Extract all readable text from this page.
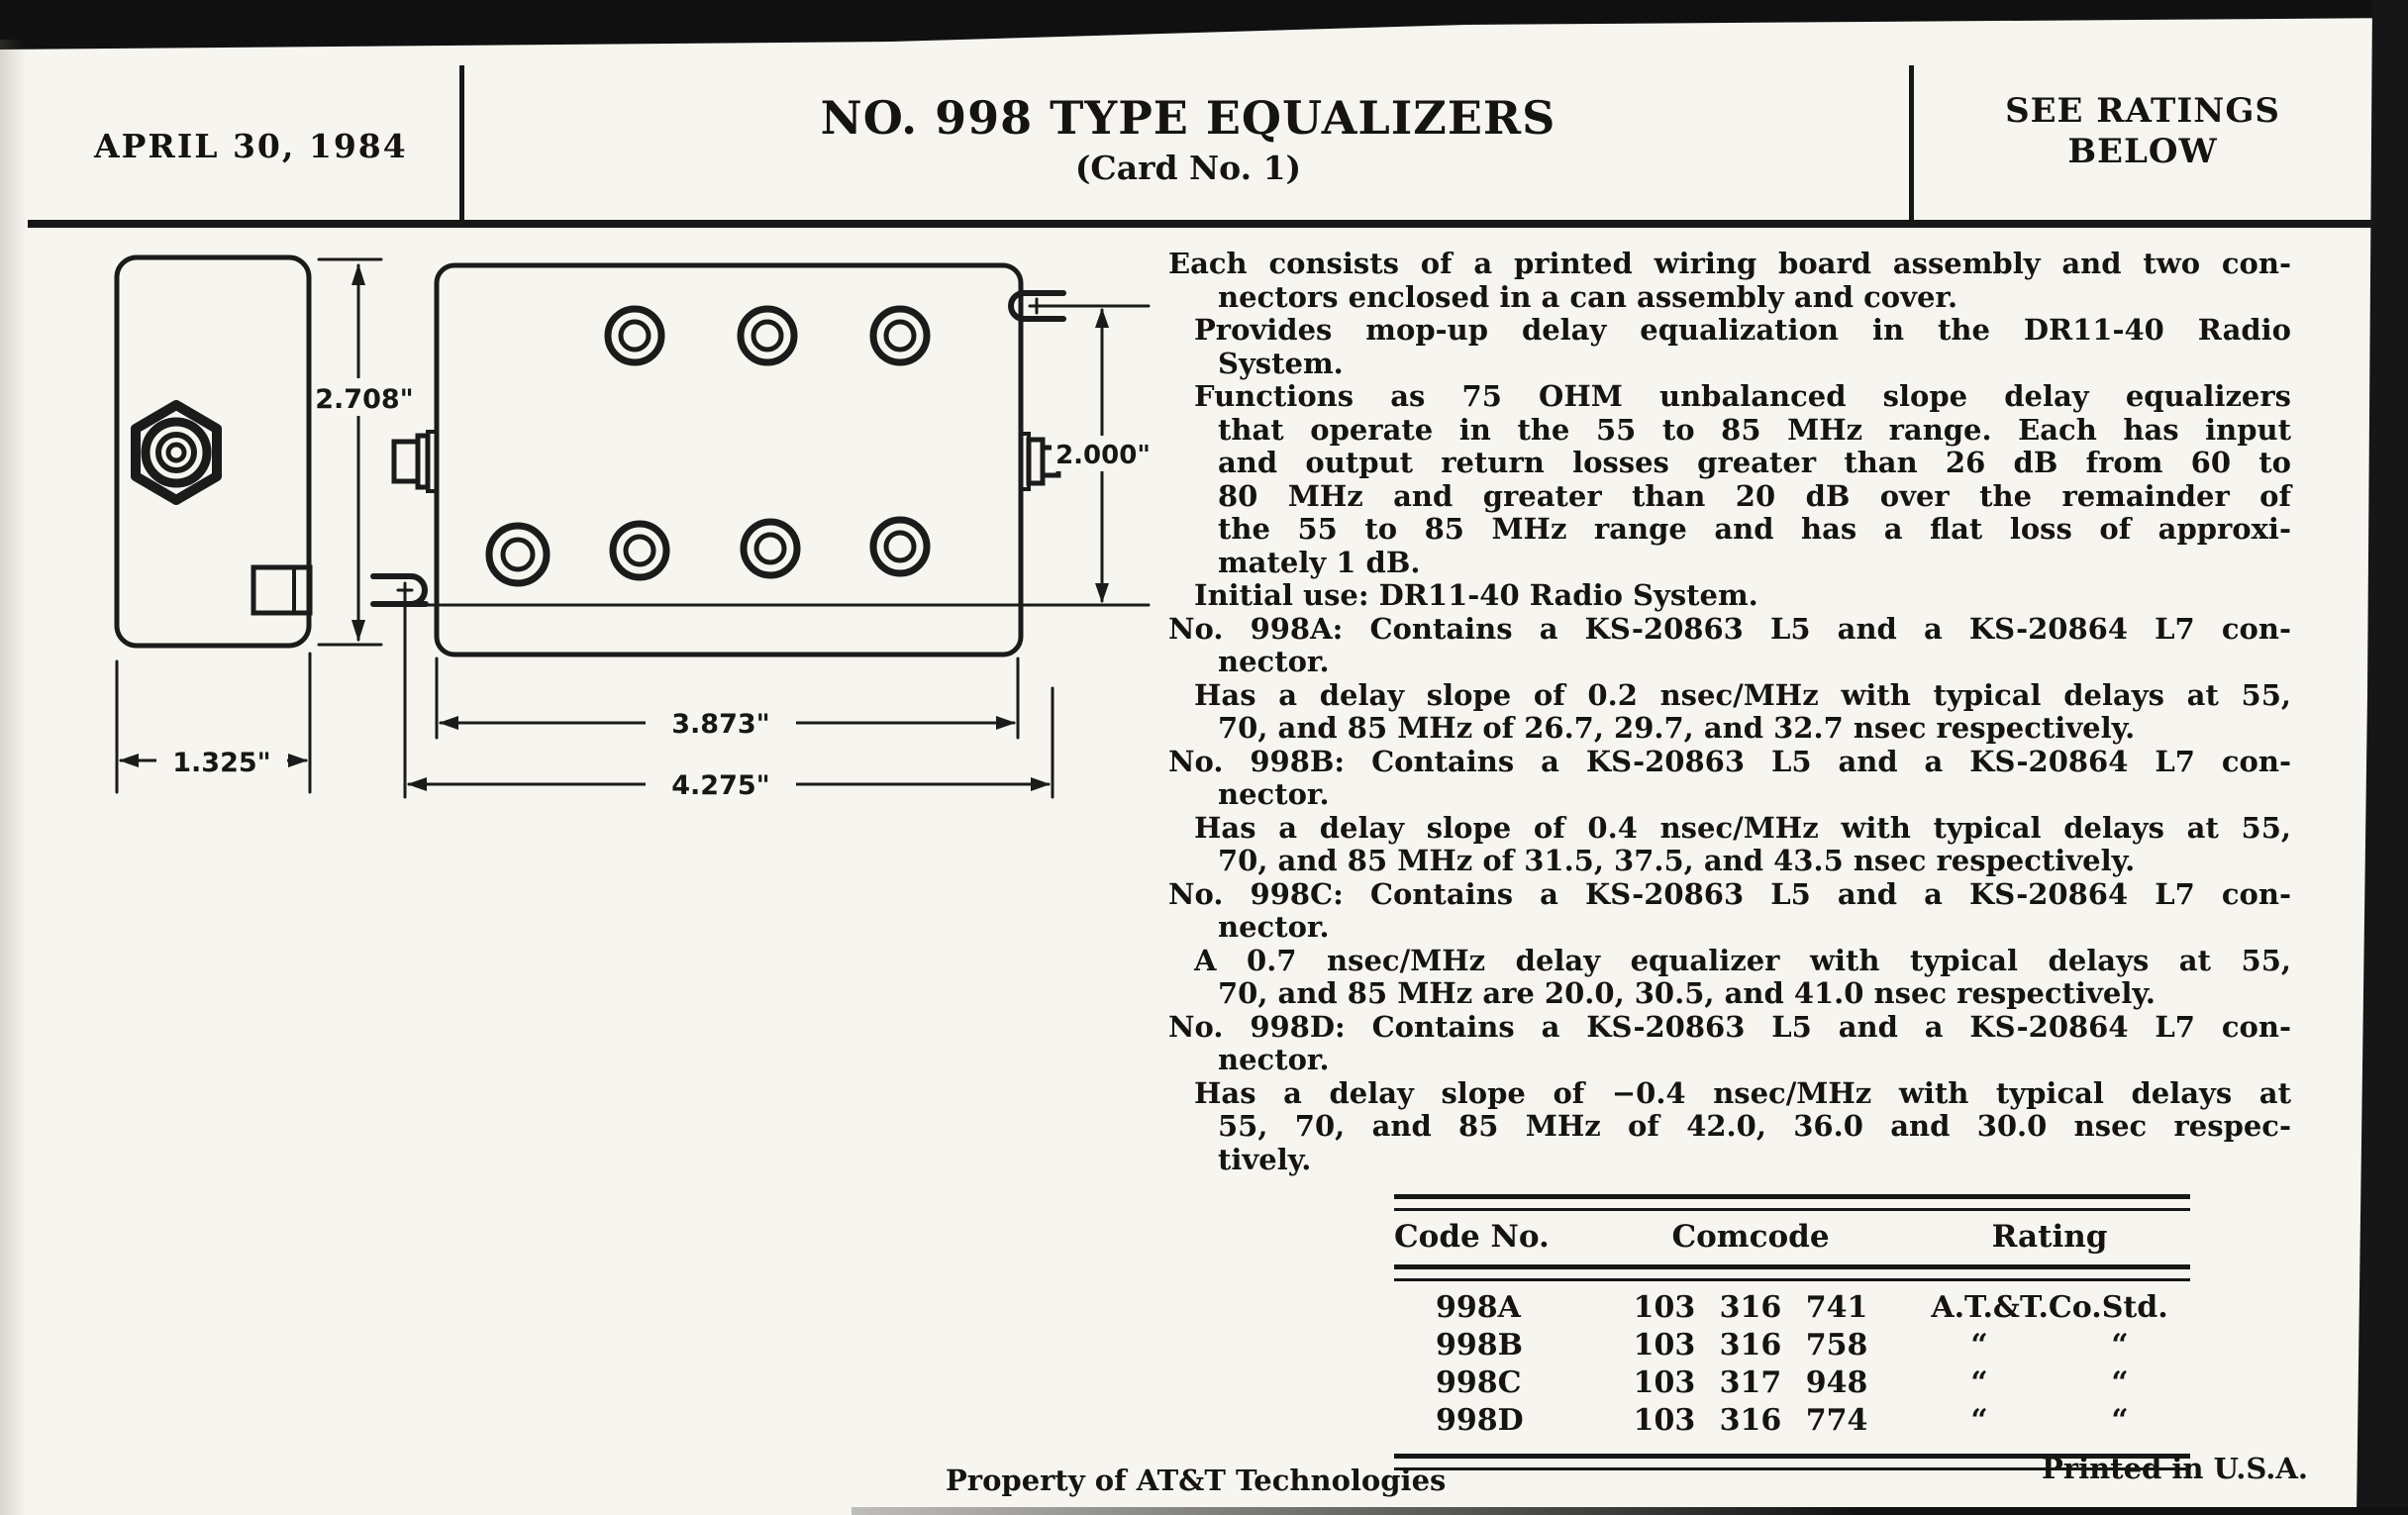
APRIL 30, 1984
NO. 998 TYPE EQUALIZERS
(Card No. 1)
SEE RATINGS
BELOW
2.708"
2.000"
1.325"
3.873"
4.275"
Each consists of a printed wiring board assembly and two con-
nectors enclosed in a can assembly and cover.
Provides mop-up delay equalization in the DR11-40 Radio
System.
Functions as 75 OHM unbalanced slope delay equalizers
that operate in the 55 to 85 MHz range. Each has input
and output return losses greater than 26 dB from 60 to
80 MHz and greater than 20 dB over the remainder of
the 55 to 85 MHz range and has a flat loss of approxi-
mately 1 dB.
Initial use: DR11-40 Radio System.
No. 998A: Contains a KS-20863 L5 and a KS-20864 L7 con-
nector.
Has a delay slope of 0.2 nsec/MHz with typical delays at 55,
70, and 85 MHz of 26.7, 29.7, and 32.7 nsec respectively.
No. 998B: Contains a KS-20863 L5 and a KS-20864 L7 con-
nector.
Has a delay slope of 0.4 nsec/MHz with typical delays at 55,
70, and 85 MHz of 31.5, 37.5, and 43.5 nsec respectively.
No. 998C: Contains a KS-20863 L5 and a KS-20864 L7 con-
nector.
A 0.7 nsec/MHz delay equalizer with typical delays at 55,
70, and 85 MHz are 20.0, 30.5, and 41.0 nsec respectively.
No. 998D: Contains a KS-20863 L5 and a KS-20864 L7 con-
nector.
Has a delay slope of −0.4 nsec/MHz with typical delays at
55, 70, and 85 MHz of 42.0, 36.0 and 30.0 nsec respec-
tively.
Code No.	Comcode	Rating
998A	103 316 741	A.T.&T.Co.Std.
998B	103 316 758	“	“
998C	103 317 948	“	“
998D	103 316 774	“	“
Property of AT&T Technologies	Printed in U.S.A.
